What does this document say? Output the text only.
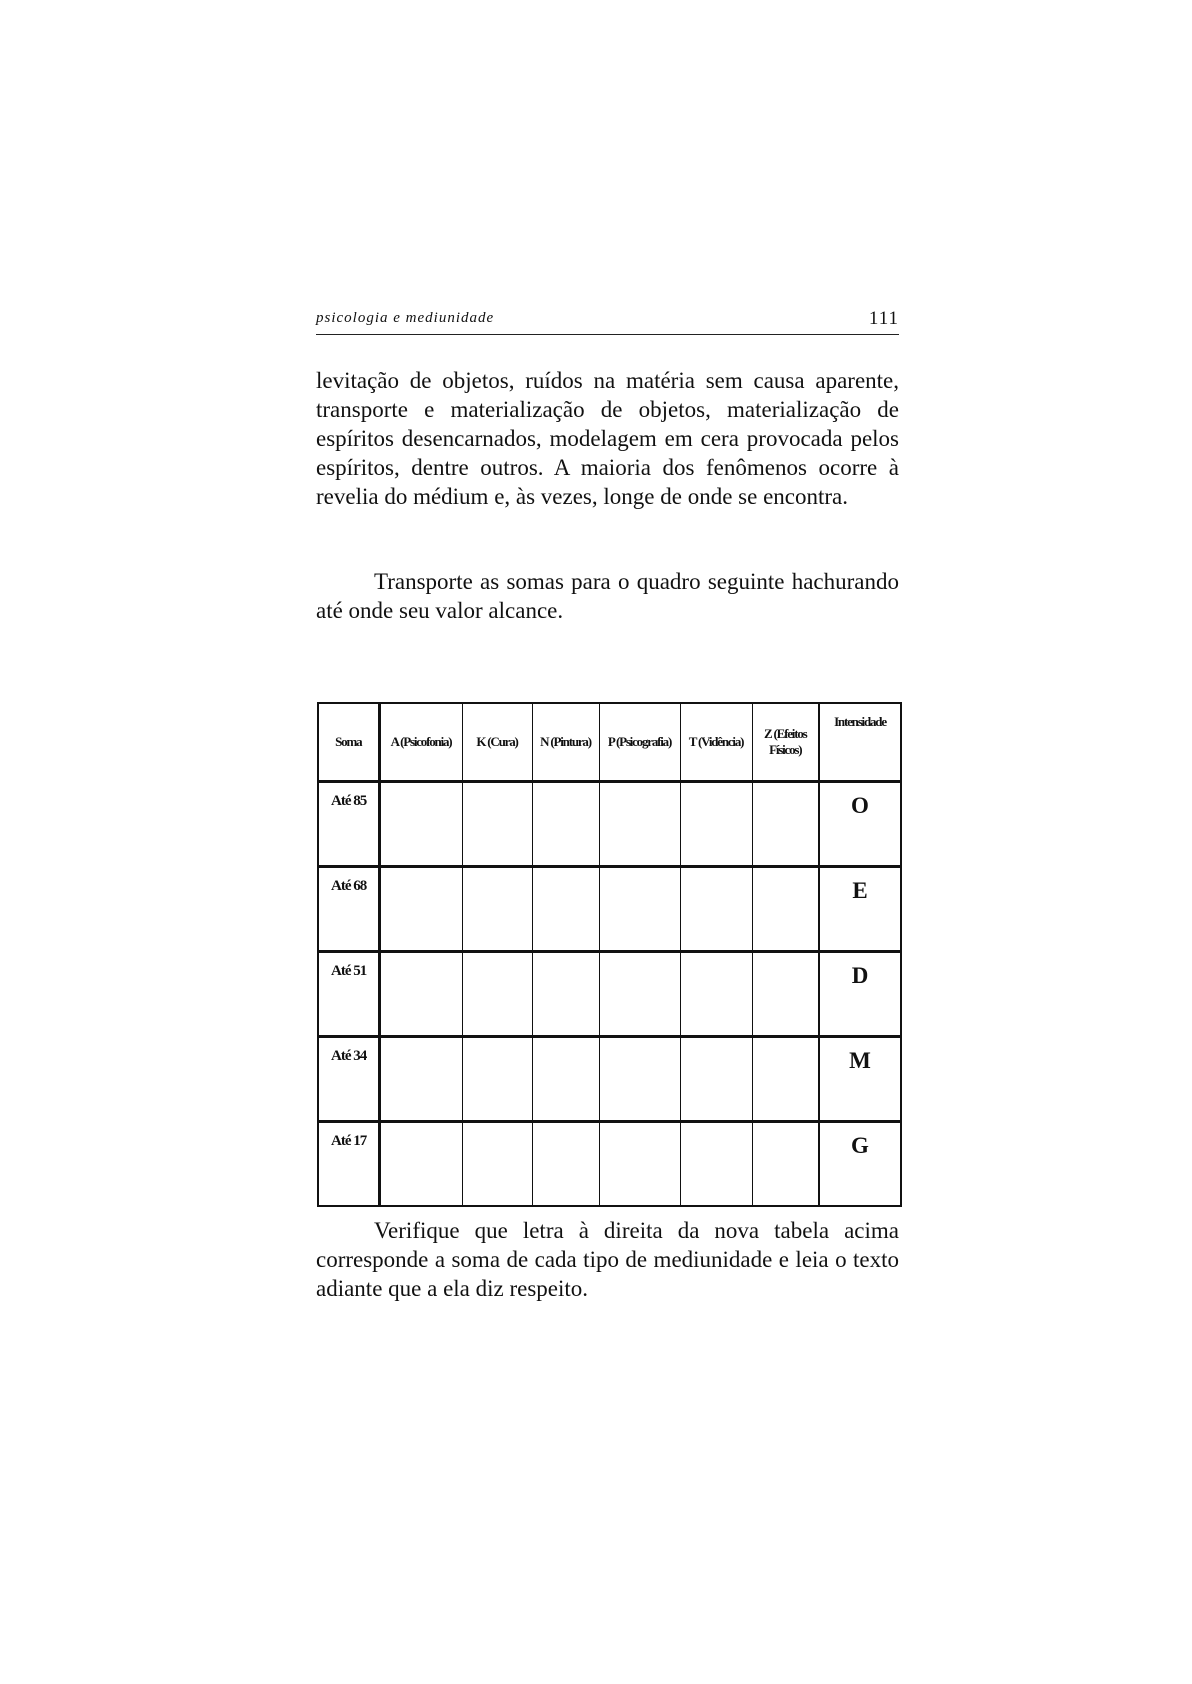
psicologia e mediunidade	111

levitação de objetos, ruídos na matéria sem causa aparente, transporte e materialização de objetos, materialização de espíritos desencarnados, modelagem em cera provocada pelos espíritos, dentre outros. A maioria dos fenômenos ocorre à revelia do médium e, às vezes, longe de onde se encontra.

Transporte as somas para o quadro seguinte hachurando até onde seu valor alcance.

Soma	A (Psicofonia)	K (Cura)	N (Pintura)	P (Psicografia)	T (Vidência)	Z (Efeitos Físicos)	Intensidade
Até 85							O
Até 68							E
Até 51							D
Até 34							M
Até 17							G

Verifique que letra à direita da nova tabela acima corresponde a soma de cada tipo de mediunidade e leia o texto adiante que a ela diz respeito.
